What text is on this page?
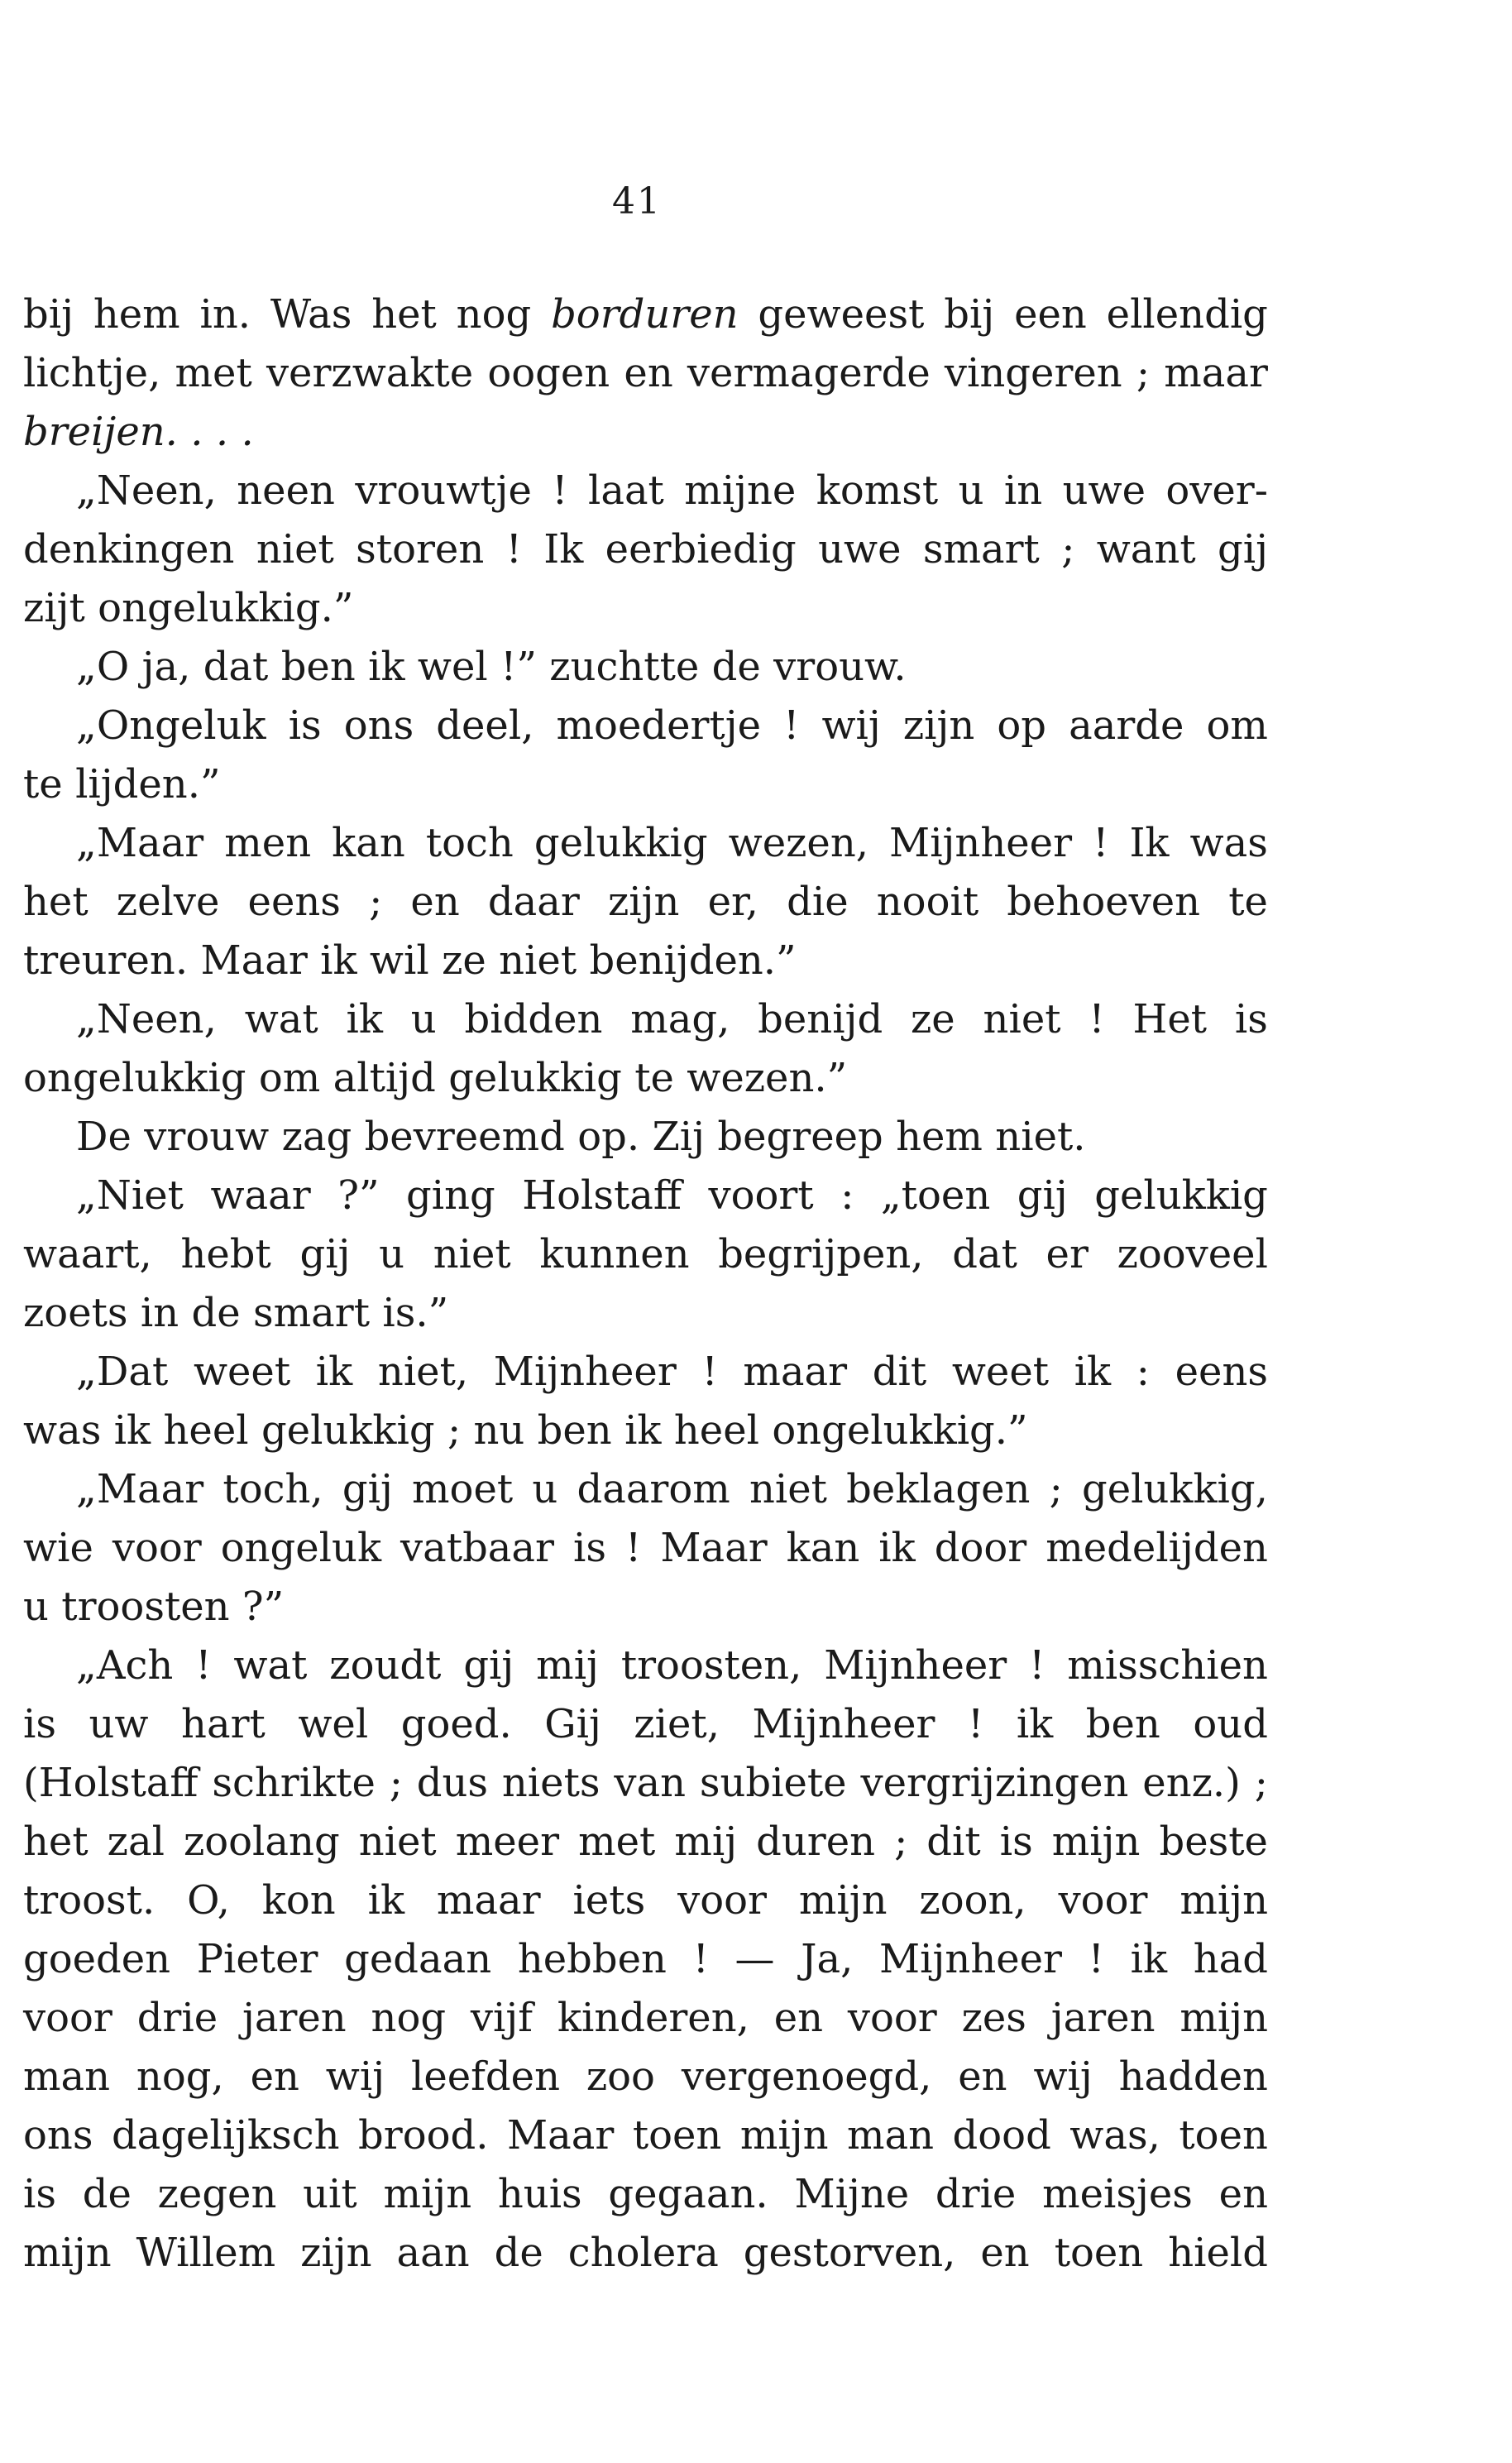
41
bij hem in. Was het nog borduren geweest bij een ellendig
lichtje, met verzwakte oogen en vermagerde vingeren ; maar
breijen. . . .
„Neen, neen vrouwtje ! laat mijne komst u in uwe over-
denkingen niet storen ! Ik eerbiedig uwe smart ; want gij
zijt ongelukkig.”
„O ja, dat ben ik wel !” zuchtte de vrouw.
„Ongeluk is ons deel, moedertje ! wij zijn op aarde om
te lijden.”
„Maar men kan toch gelukkig wezen, Mijnheer ! Ik was
het zelve eens ; en daar zijn er, die nooit behoeven te
treuren. Maar ik wil ze niet benijden.”
„Neen, wat ik u bidden mag, benijd ze niet ! Het is
ongelukkig om altijd gelukkig te wezen.”
De vrouw zag bevreemd op. Zij begreep hem niet.
„Niet waar ?” ging Holstaff voort : „toen gij gelukkig
waart, hebt gij u niet kunnen begrijpen, dat er zooveel
zoets in de smart is.”
„Dat weet ik niet, Mijnheer ! maar dit weet ik : eens
was ik heel gelukkig ; nu ben ik heel ongelukkig.”
„Maar toch, gij moet u daarom niet beklagen ; gelukkig,
wie voor ongeluk vatbaar is ! Maar kan ik door medelijden
u troosten ?”
„Ach ! wat zoudt gij mij troosten, Mijnheer ! misschien
is uw hart wel goed. Gij ziet, Mijnheer ! ik ben oud
(Holstaff schrikte ; dus niets van subiete vergrijzingen enz.) ;
het zal zoolang niet meer met mij duren ; dit is mijn beste
troost. O, kon ik maar iets voor mijn zoon, voor mijn
goeden Pieter gedaan hebben ! — Ja, Mijnheer ! ik had
voor drie jaren nog vijf kinderen, en voor zes jaren mijn
man nog, en wij leefden zoo vergenoegd, en wij hadden
ons dagelijksch brood. Maar toen mijn man dood was, toen
is de zegen uit mijn huis gegaan. Mijne drie meisjes en
mijn Willem zijn aan de cholera gestorven, en toen hield
